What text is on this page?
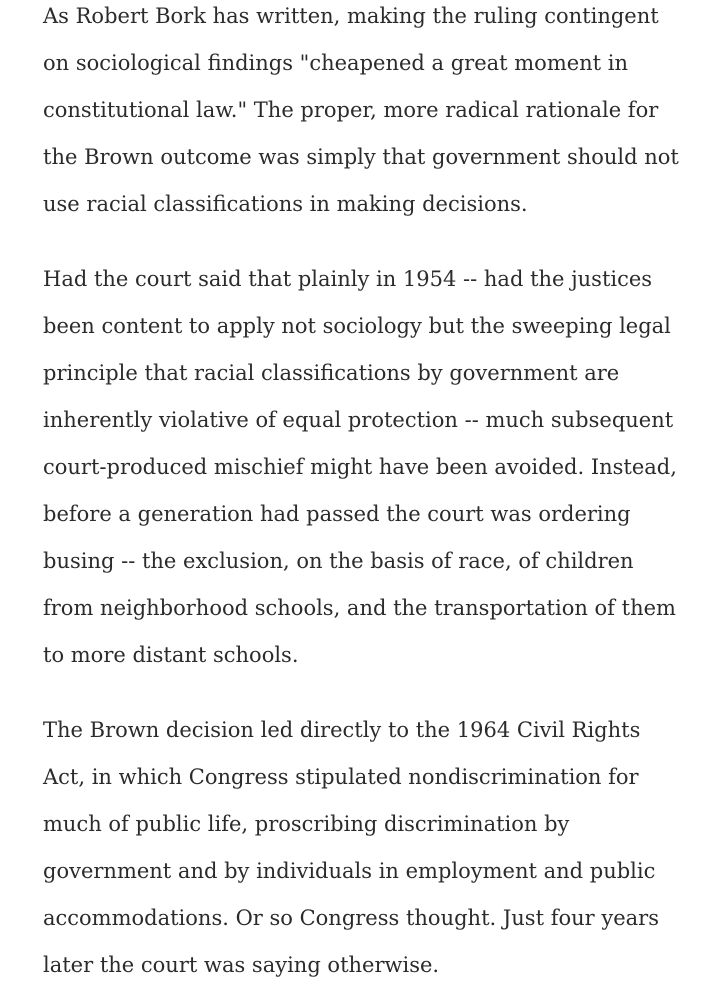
As Robert Bork has written, making the ruling contingent on sociological findings "cheapened a great moment in constitutional law." The proper, more radical rationale for the Brown outcome was simply that government should not use racial classifications in making decisions.

Had the court said that plainly in 1954 -- had the justices been content to apply not sociology but the sweeping legal principle that racial classifications by government are inherently violative of equal protection -- much subsequent court-produced mischief might have been avoided. Instead, before a generation had passed the court was ordering busing -- the exclusion, on the basis of race, of children from neighborhood schools, and the transportation of them to more distant schools.

The Brown decision led directly to the 1964 Civil Rights Act, in which Congress stipulated nondiscrimination for much of public life, proscribing discrimination by government and by individuals in employment and public accommodations. Or so Congress thought. Just four years later the court was saying otherwise.
